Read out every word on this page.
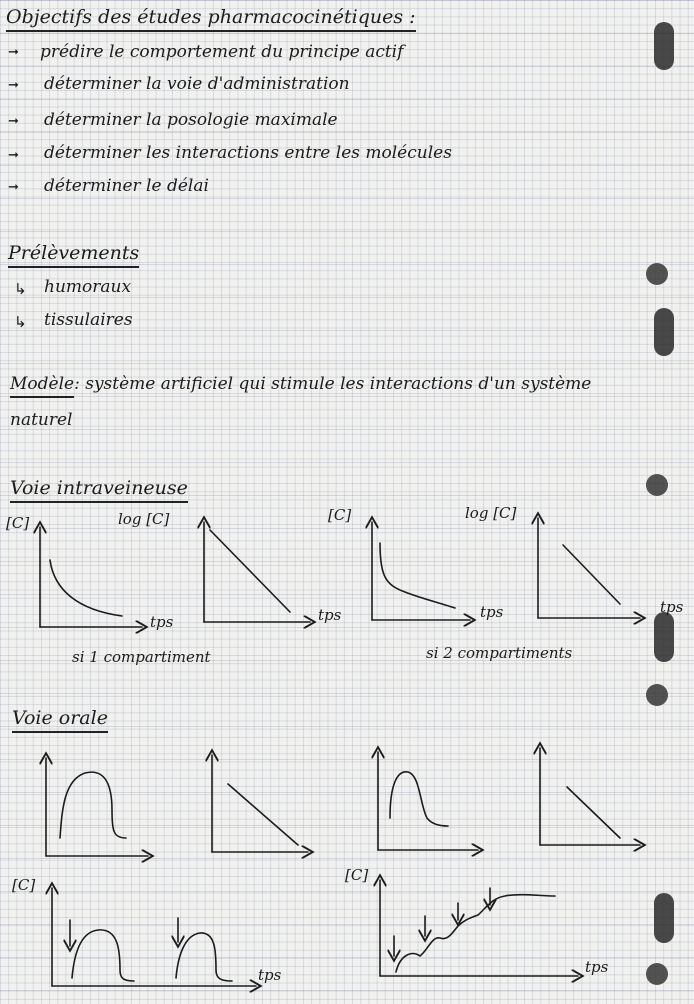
Objectifs des études pharmacocinétiques :
➞ prédire le comportement du principe actif
➞ déterminer la voie d'administration
➞ déterminer la posologie maximale
➞ déterminer les interactions entre les molécules
➞ déterminer le délai
Prélèvements
↳ humoraux
↳ tissulaires
Modèle: système artificiel qui stimule les interactions d'un système
naturel
Voie intraveineuse
si 1 compartiment	si 2 compartiments
Voie orale
[C]
tps
log [C]
tps
[C]
tps
log [C]
tps
[C]
tps
[C]
tps
